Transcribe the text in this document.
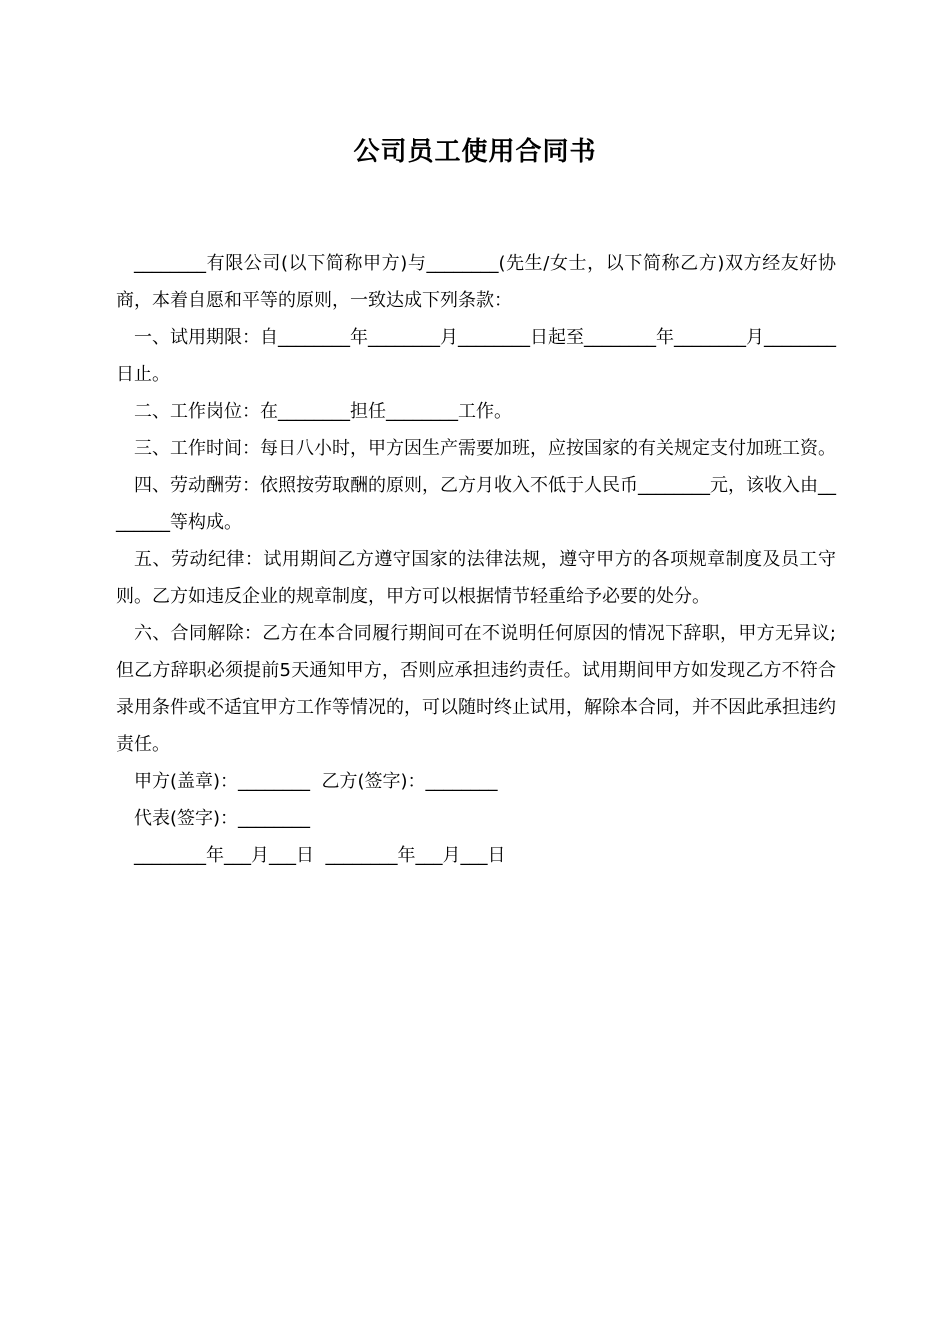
公司员工使用合同书

________有限公司(以下简称甲方)与________(先生/女士，以下简称乙方)双方经友好协商，本着自愿和平等的原则，一致达成下列条款：

一、试用期限：自________年________月________日起至________年________月________日止。

二、工作岗位：在________担任________工作。

三、工作时间：每日八小时，甲方因生产需要加班，应按国家的有关规定支付加班工资。

四、劳动酬劳：依照按劳取酬的原则，乙方月收入不低于人民币________元，该收入由________等构成。

五、劳动纪律：试用期间乙方遵守国家的法律法规，遵守甲方的各项规章制度及员工守则。乙方如违反企业的规章制度，甲方可以根据情节轻重给予必要的处分。

六、合同解除：乙方在本合同履行期间可在不说明任何原因的情况下辞职，甲方无异议;但乙方辞职必须提前5天通知甲方，否则应承担违约责任。试用期间甲方如发现乙方不符合录用条件或不适宜甲方工作等情况的，可以随时终止试用，解除本合同，并不因此承担违约责任。

甲方(盖章)：________  乙方(签字)：________

代表(签字)：________

________年___月___日  ________年___月___日
